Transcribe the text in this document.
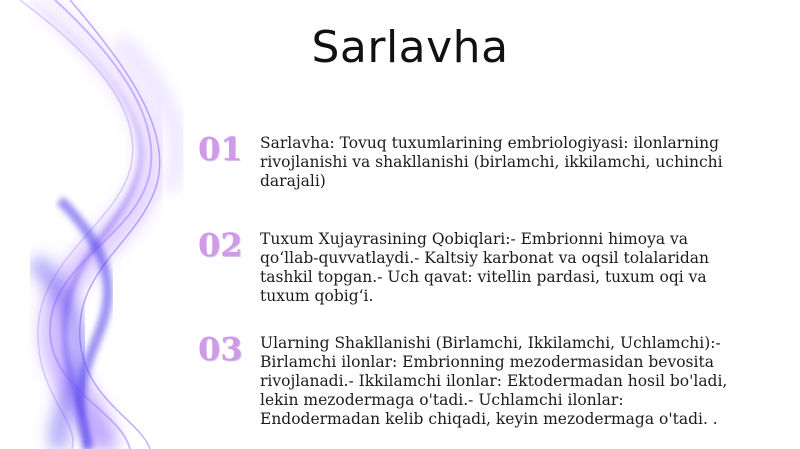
Sarlavha
01	Sarlavha: Tovuq tuxumlarining embriologiyasi: ilonlarning rivojlanishi va shakllanishi (birlamchi, ikkilamchi, uchinchi darajali)
02	Tuxum Xujayrasining Qobiqlari:- Embrionni himoya va qo‘llab-quvvatlaydi.- Kaltsiy karbonat va oqsil tolalaridan tashkil topgan.- Uch qavat: vitellin pardasi, tuxum oqi va tuxum qobig‘i.
03	Ularning Shakllanishi (Birlamchi, Ikkilamchi, Uchlamchi):- Birlamchi ilonlar: Embrionning mezodermasidan bevosita rivojlanadi.- Ikkilamchi ilonlar: Ektodermadan hosil bo'ladi, lekin mezodermaga o'tadi.- Uchlamchi ilonlar: Endodermadan kelib chiqadi, keyin mezodermaga o'tadi. .
